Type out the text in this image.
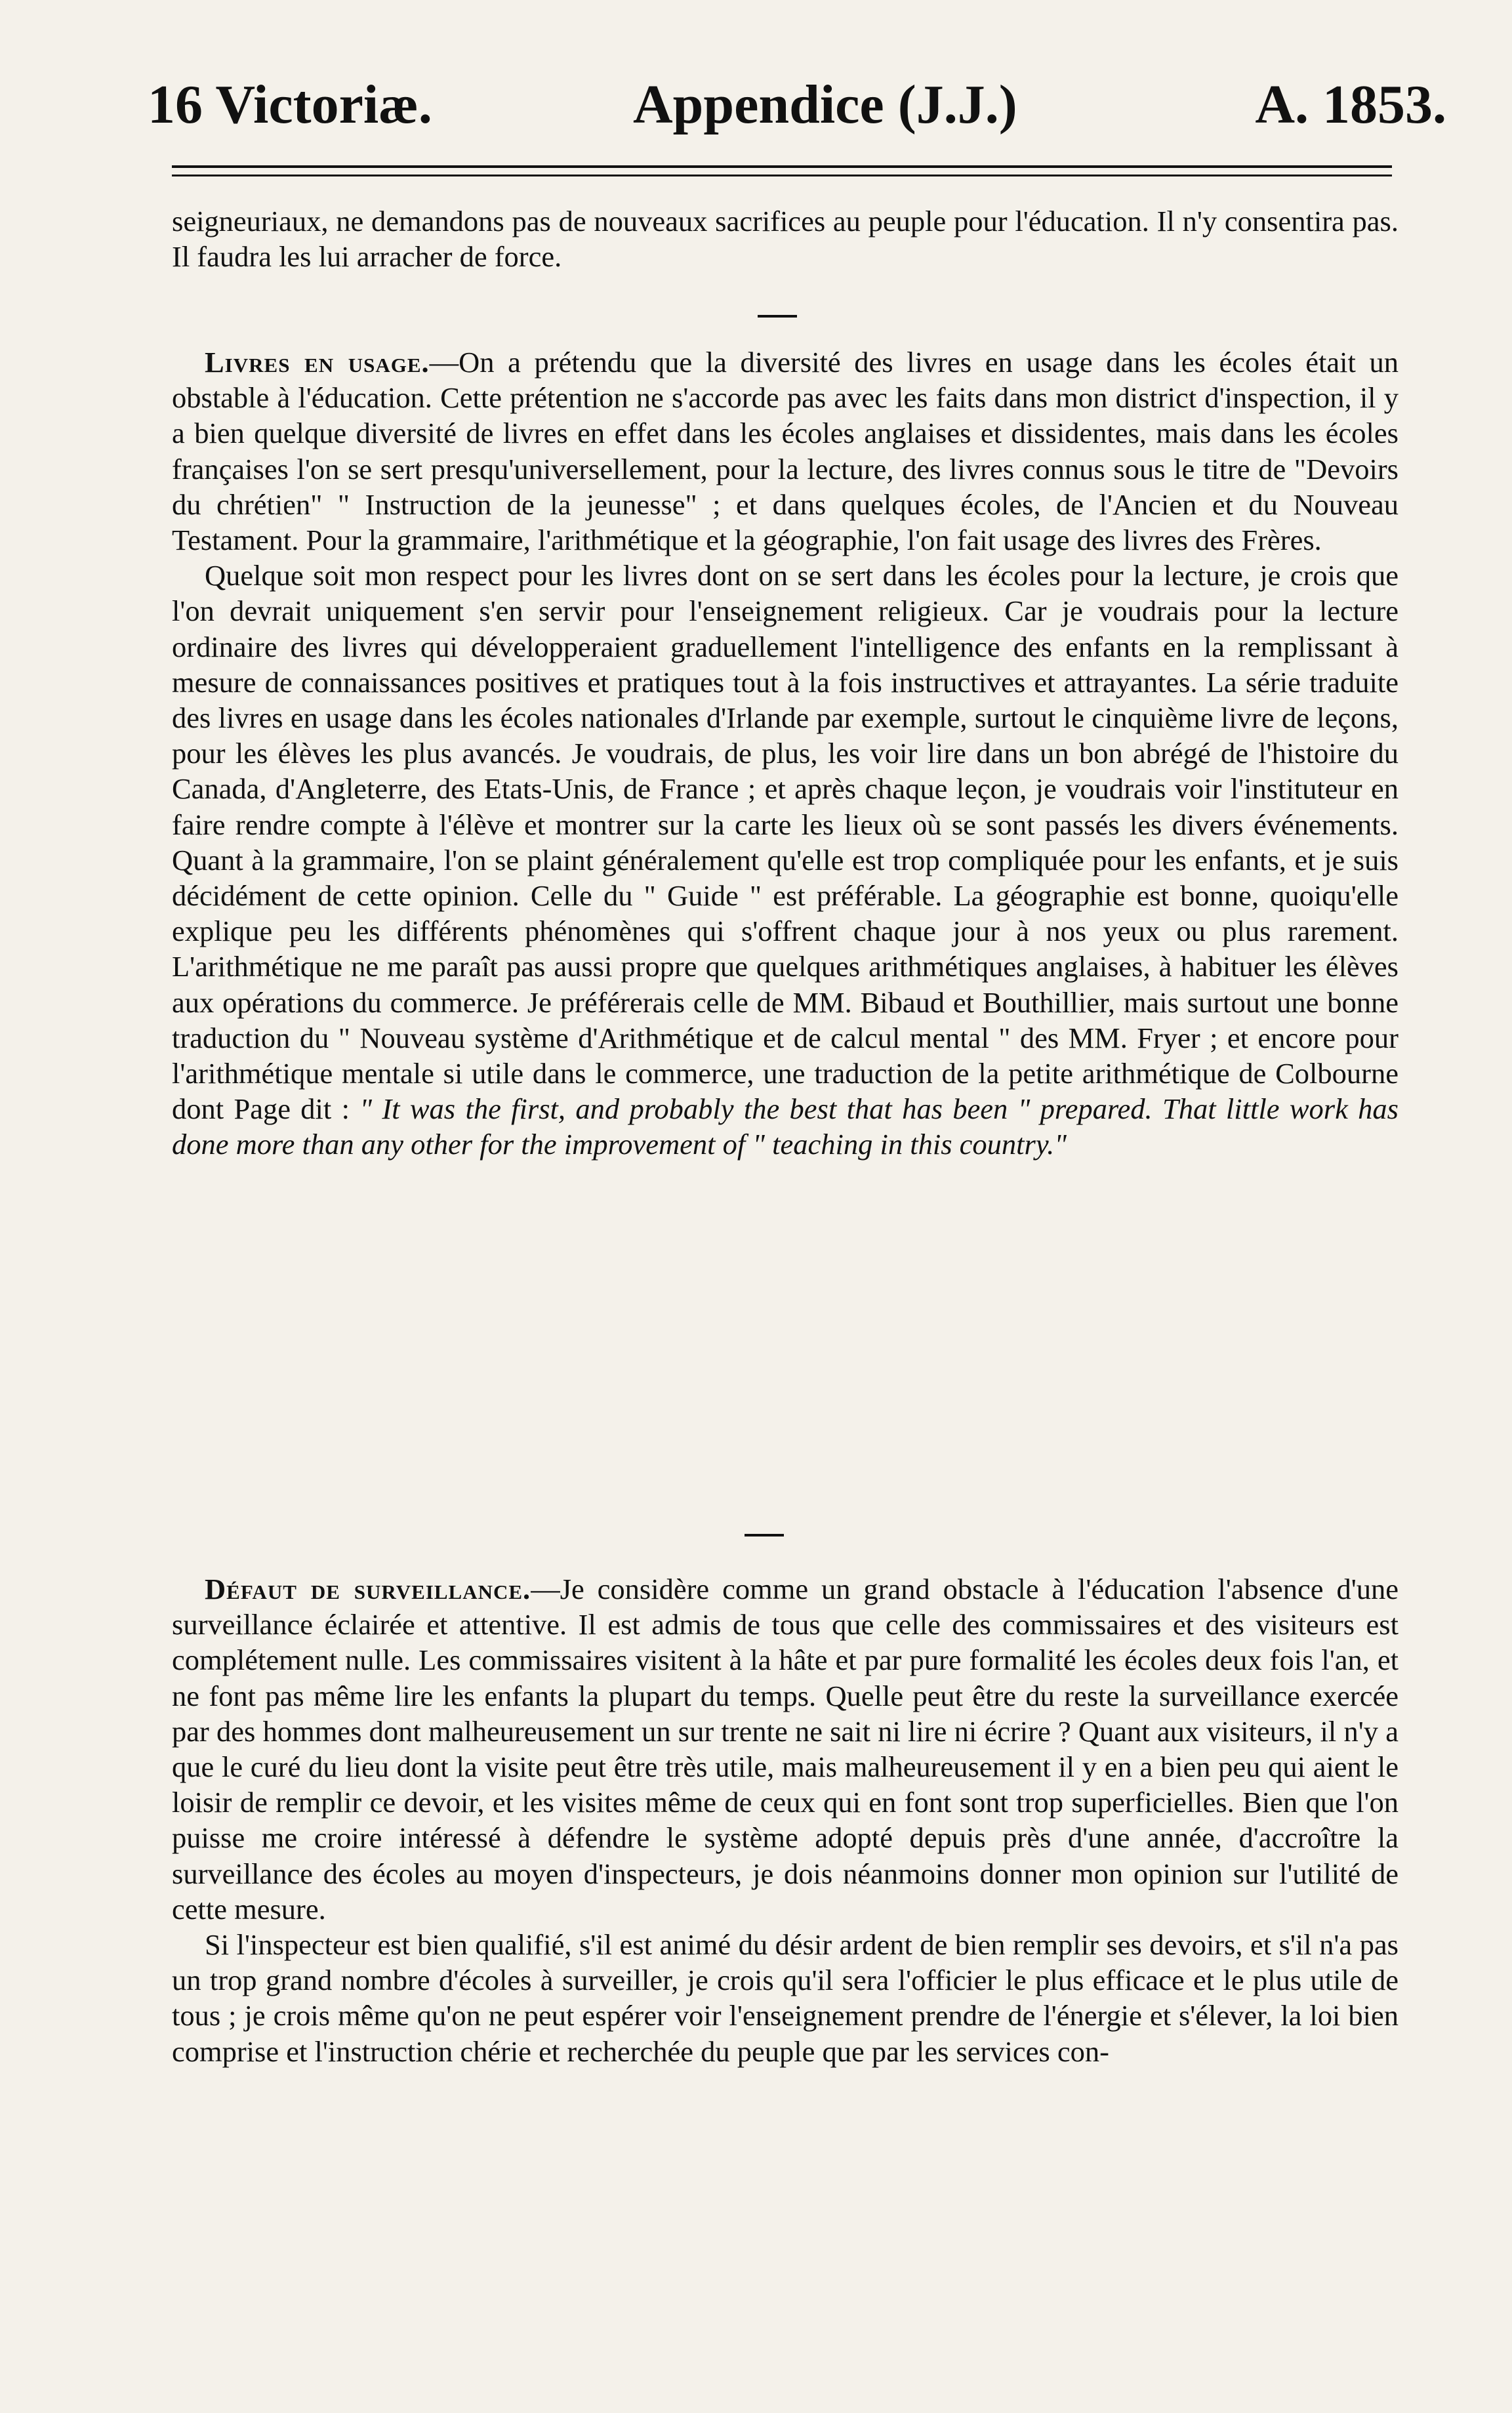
16 Victoriæ.	Appendice (J.J.)	A. 1853.

seigneuriaux, ne demandons pas de nouveaux sacrifices au peuple pour l'éducation. Il n'y consentira pas. Il faudra les lui arracher de force.

Livres en usage.—On a prétendu que la diversité des livres en usage dans les écoles était un obstable à l'éducation. Cette prétention ne s'accorde pas avec les faits dans mon district d'inspection, il y a bien quelque diversité de livres en effet dans les écoles anglaises et dissidentes, mais dans les écoles françaises l'on se sert presqu'universellement, pour la lecture, des livres connus sous le titre de "Devoirs du chrétien" " Instruction de la jeunesse" ; et dans quelques écoles, de l'Ancien et du Nouveau Testament. Pour la grammaire, l'arithmétique et la géographie, l'on fait usage des livres des Frères.

Quelque soit mon respect pour les livres dont on se sert dans les écoles pour la lecture, je crois que l'on devrait uniquement s'en servir pour l'enseignement religieux. Car je voudrais pour la lecture ordinaire des livres qui développeraient graduellement l'intelligence des enfants en la remplissant à mesure de connaissances positives et pratiques tout à la fois instructives et attrayantes. La série traduite des livres en usage dans les écoles nationales d'Irlande par exemple, surtout le cinquième livre de leçons, pour les élèves les plus avancés. Je voudrais, de plus, les voir lire dans un bon abrégé de l'histoire du Canada, d'Angleterre, des Etats-Unis, de France ; et après chaque leçon, je voudrais voir l'instituteur en faire rendre compte à l'élève et montrer sur la carte les lieux où se sont passés les divers événements. Quant à la grammaire, l'on se plaint généralement qu'elle est trop compliquée pour les enfants, et je suis décidément de cette opinion. Celle du " Guide " est préférable. La géographie est bonne, quoiqu'elle explique peu les différents phénomènes qui s'offrent chaque jour à nos yeux ou plus rarement. L'arithmétique ne me paraît pas aussi propre que quelques arithmétiques anglaises, à habituer les élèves aux opérations du commerce. Je préférerais celle de MM. Bibaud et Bouthillier, mais surtout une bonne traduction du " Nouveau système d'Arithmétique et de calcul mental " des MM. Fryer ; et encore pour l'arithmétique mentale si utile dans le commerce, une traduction de la petite arithmétique de Colbourne dont Page dit : " It was the first, and probably the best that has been " prepared. That little work has done more than any other for the improvement of " teaching in this country."

Défaut de surveillance.—Je considère comme un grand obstacle à l'éducation l'absence d'une surveillance éclairée et attentive. Il est admis de tous que celle des commissaires et des visiteurs est complétement nulle. Les commissaires visitent à la hâte et par pure formalité les écoles deux fois l'an, et ne font pas même lire les enfants la plupart du temps. Quelle peut être du reste la surveillance exercée par des hommes dont malheureusement un sur trente ne sait ni lire ni écrire ? Quant aux visiteurs, il n'y a que le curé du lieu dont la visite peut être très utile, mais malheureusement il y en a bien peu qui aient le loisir de remplir ce devoir, et les visites même de ceux qui en font sont trop superficielles. Bien que l'on puisse me croire intéressé à défendre le système adopté depuis près d'une année, d'accroître la surveillance des écoles au moyen d'inspecteurs, je dois néanmoins donner mon opinion sur l'utilité de cette mesure.

Si l'inspecteur est bien qualifié, s'il est animé du désir ardent de bien remplir ses devoirs, et s'il n'a pas un trop grand nombre d'écoles à surveiller, je crois qu'il sera l'officier le plus efficace et le plus utile de tous ; je crois même qu'on ne peut espérer voir l'enseignement prendre de l'énergie et s'élever, la loi bien comprise et l'instruction chérie et recherchée du peuple que par les services con-
